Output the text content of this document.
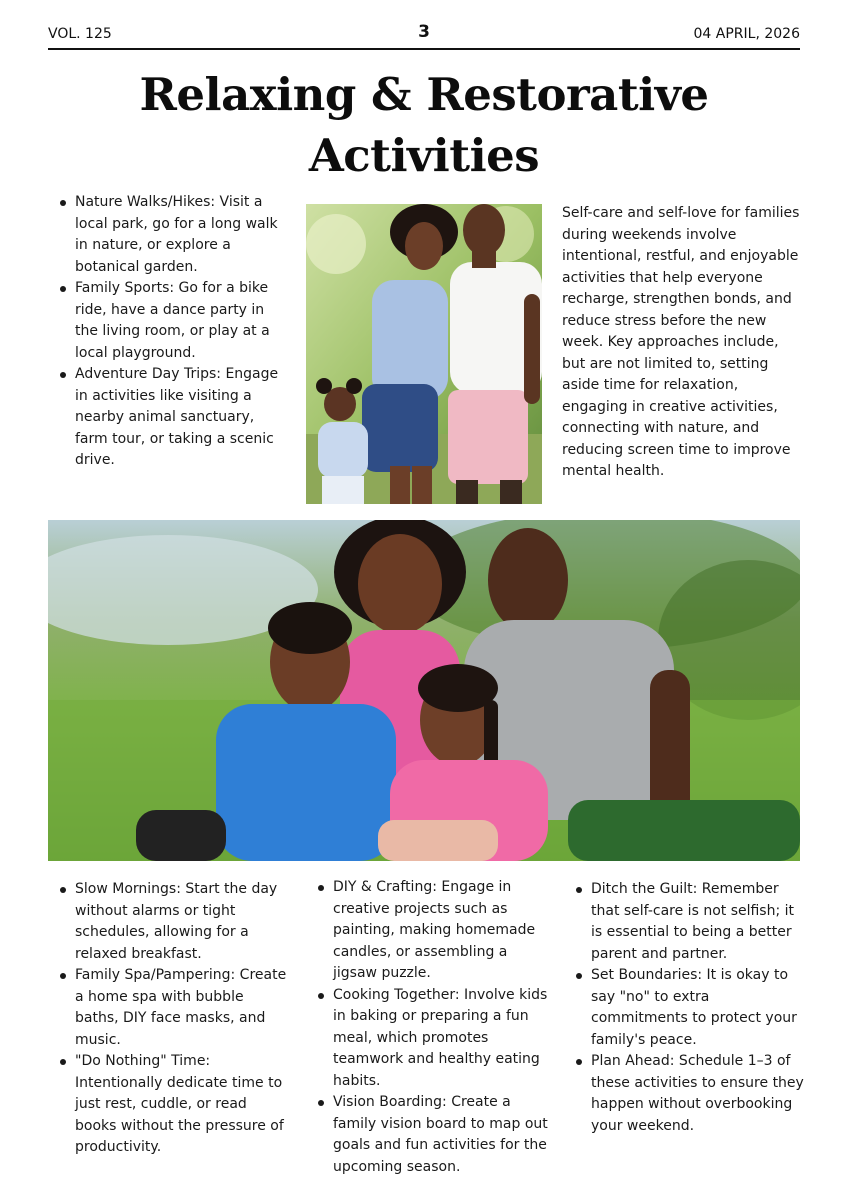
VOL. 125	3	04 APRIL, 2026
Relaxing & Restorative Activities
Nature Walks/Hikes: Visit a local park, go for a long walk in nature, or explore a botanical garden.
Family Sports: Go for a bike ride, have a dance party in the living room, or play at a local playground.
Adventure Day Trips: Engage in activities like visiting a nearby animal sanctuary, farm tour, or taking a scenic drive.

Self-care and self-love for families during weekends involve intentional, restful, and enjoyable activities that help everyone recharge, strengthen bonds, and reduce stress before the new week. Key approaches include, but are not limited to, setting aside time for relaxation, engaging in creative activities, connecting with nature, and reducing screen time to improve mental health.

Slow Mornings: Start the day without alarms or tight schedules, allowing for a relaxed breakfast.
Family Spa/Pampering: Create a home spa with bubble baths, DIY face masks, and music.
"Do Nothing" Time: Intentionally dedicate time to just rest, cuddle, or read books without the pressure of productivity.
DIY & Crafting: Engage in creative projects such as painting, making homemade candles, or assembling a jigsaw puzzle.
Cooking Together: Involve kids in baking or preparing a fun meal, which promotes teamwork and healthy eating habits.
Vision Boarding: Create a family vision board to map out goals and fun activities for the upcoming season.
Ditch the Guilt: Remember that self-care is not selfish; it is essential to being a better parent and partner.
Set Boundaries: It is okay to say "no" to extra commitments to protect your family's peace.
Plan Ahead: Schedule 1–3 of these activities to ensure they happen without overbooking your weekend.
